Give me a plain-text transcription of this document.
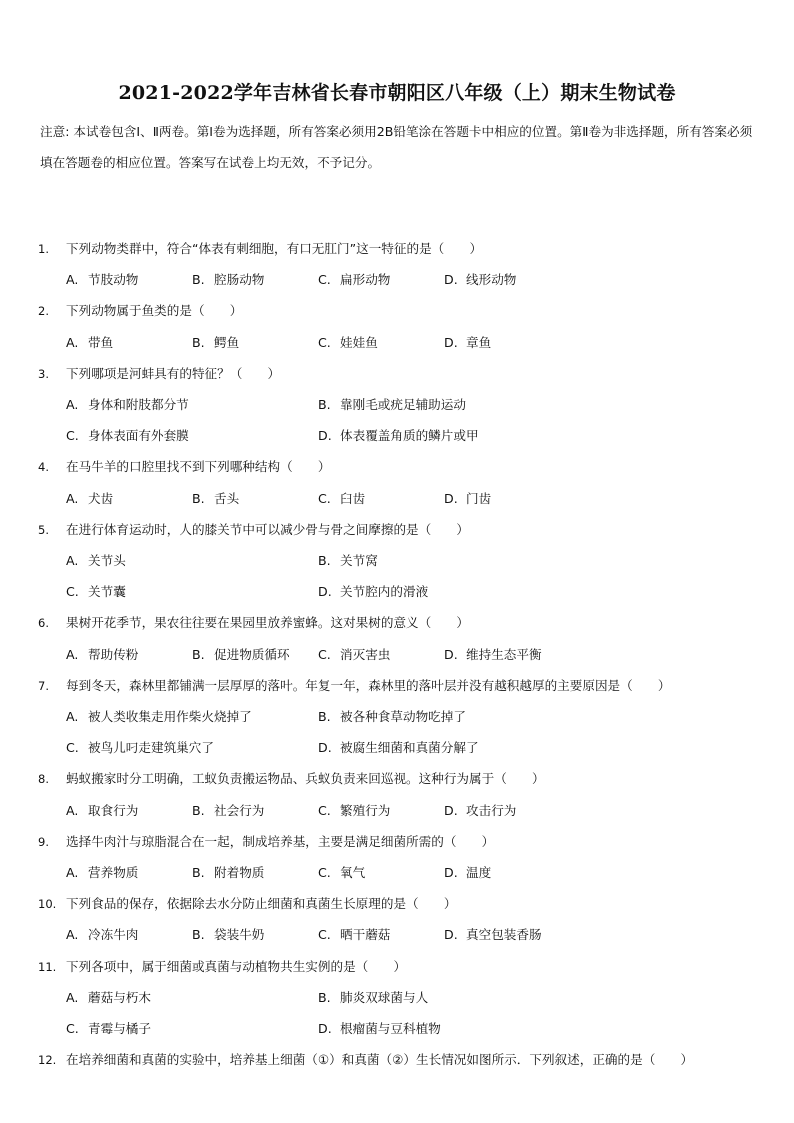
2021-2022学年吉林省长春市朝阳区八年级（上）期末生物试卷
注意: 本试卷包含Ⅰ、Ⅱ两卷。第Ⅰ卷为选择题，所有答案必须用2B铅笔涂在答题卡中相应的位置。第Ⅱ卷为非选择题，所有答案必须填在答题卷的相应位置。答案写在试卷上均无效，不予记分。
1. 下列动物类群中，符合“体表有刺细胞，有口无肛门”这一特征的是（　　）
A. 节肢动物	B. 腔肠动物	C. 扁形动物	D. 线形动物
2. 下列动物属于鱼类的是（　　）
A. 带鱼	B. 鳄鱼	C. 娃娃鱼	D. 章鱼
3. 下列哪项是河蚌具有的特征？（　　）
A. 身体和附肢都分节	B. 靠刚毛或疣足辅助运动
C. 身体表面有外套膜	D. 体表覆盖角质的鳞片或甲
4. 在马牛羊的口腔里找不到下列哪种结构（　　）
A. 犬齿	B. 舌头	C. 臼齿	D. 门齿
5. 在进行体育运动时，人的膝关节中可以减少骨与骨之间摩擦的是（　　）
A. 关节头	B. 关节窝
C. 关节囊	D. 关节腔内的滑液
6. 果树开花季节，果农往往要在果园里放养蜜蜂。这对果树的意义（　　）
A. 帮助传粉	B. 促进物质循环 C. 消灭害虫	D. 维持生态平衡
7. 每到冬天，森林里都铺满一层厚厚的落叶。年复一年，森林里的落叶层并没有越积越厚的主要原因是（　　）
A. 被人类收集走用作柴火烧掉了	B. 被各种食草动物吃掉了
C. 被鸟儿叼走建筑巢穴了	D. 被腐生细菌和真菌分解了
8. 蚂蚁搬家时分工明确，工蚁负责搬运物品、兵蚁负责来回巡视。这种行为属于（　　）
A. 取食行为	B. 社会行为	C. 繁殖行为	D. 攻击行为
9. 选择牛肉汁与琼脂混合在一起，制成培养基，主要是满足细菌所需的（　　）
A. 营养物质	B. 附着物质	C. 氧气	D. 温度
10. 下列食品的保存，依据除去水分防止细菌和真菌生长原理的是（　　）
A. 冷冻牛肉	B. 袋装牛奶	C. 晒干蘑菇	D. 真空包装香肠
11. 下列各项中，属于细菌或真菌与动植物共生实例的是（　　）
A. 蘑菇与朽木	B. 肺炎双球菌与人
C. 青霉与橘子	D. 根瘤菌与豆科植物
12. 在培养细菌和真菌的实验中，培养基上细菌（①）和真菌（②）生长情况如图所示．下列叙述，正确的是（　　）
